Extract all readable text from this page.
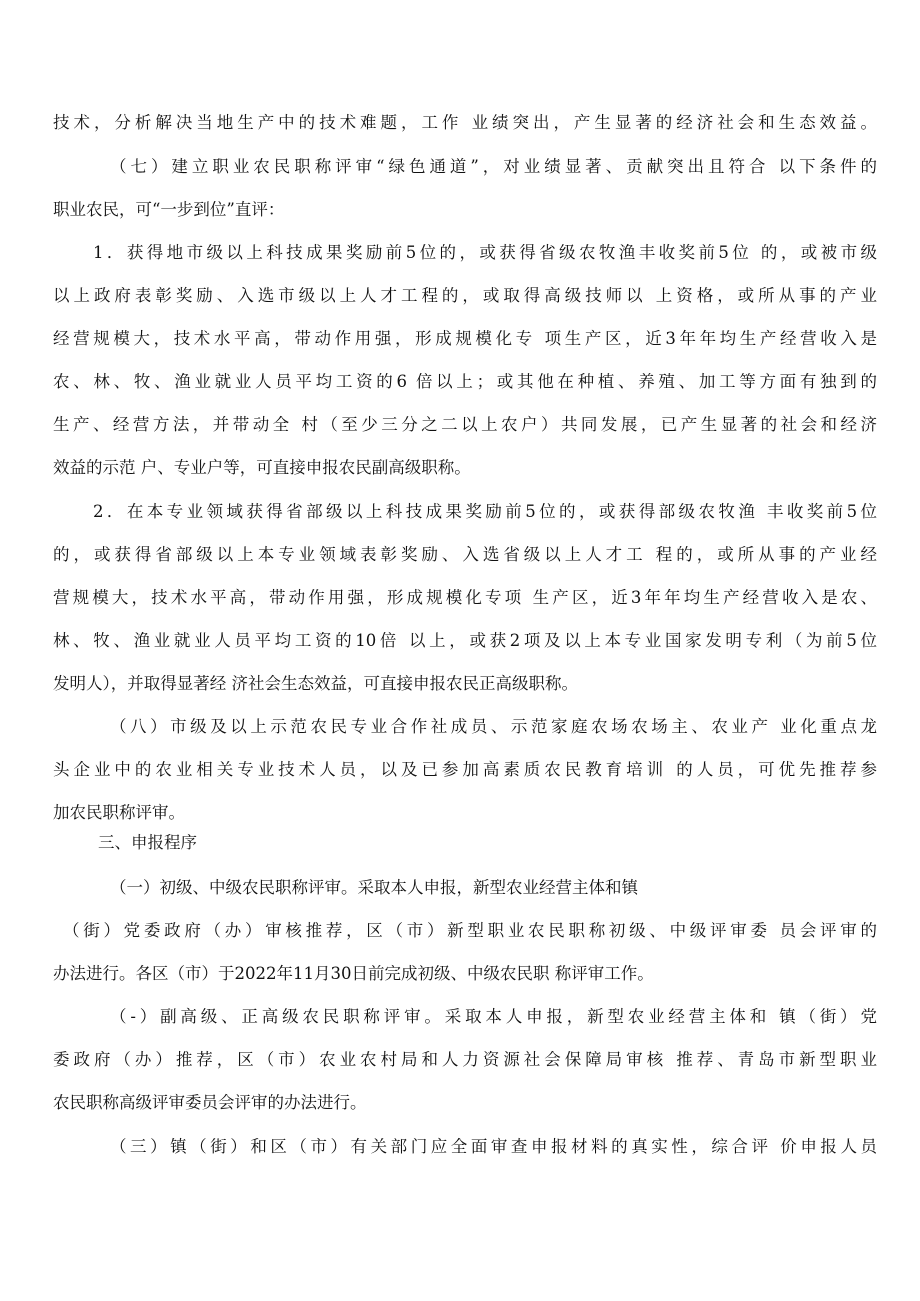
技术，分析解决当地生产中的技术难题，工作 业绩突出，产生显著的经济社会和生态效益。
（七）建立职业农民职称评审“绿色通道”，对业绩显著、贡献突出且符合 以下条件的
职业农民，可“一步到位”直评：
1．获得地市级以上科技成果奖励前5位的，或获得省级农牧渔丰收奖前5位 的，或被市级
以上政府表彰奖励、入选市级以上人才工程的，或取得高级技师以 上资格，或所从事的产业
经营规模大，技术水平高，带动作用强，形成规模化专 项生产区，近3年年均生产经营收入是
农、林、牧、渔业就业人员平均工资的6 倍以上；或其他在种植、养殖、加工等方面有独到的
生产、经营方法，并带动全 村（至少三分之二以上农户）共同发展，已产生显著的社会和经济
效益的示范 户、专业户等，可直接申报农民副高级职称。
2．在本专业领域获得省部级以上科技成果奖励前5位的，或获得部级农牧渔 丰收奖前5位
的，或获得省部级以上本专业领域表彰奖励、入选省级以上人才工 程的，或所从事的产业经
营规模大，技术水平高，带动作用强，形成规模化专项 生产区，近3年年均生产经营收入是农、
林、牧、渔业就业人员平均工资的10倍 以上，或获2项及以上本专业国家发明专利（为前5位
发明人），并取得显著经 济社会生态效益，可直接申报农民正高级职称。
（八）市级及以上示范农民专业合作社成员、示范家庭农场农场主、农业产 业化重点龙
头企业中的农业相关专业技术人员，以及已参加高素质农民教育培训 的人员，可优先推荐参
加农民职称评审。
三、申报程序
（一）初级、中级农民职称评审。采取本人申报，新型农业经营主体和镇
（街）党委政府（办）审核推荐，区（市）新型职业农民职称初级、中级评审委 员会评审的
办法进行。各区（市）于2022年11月30日前完成初级、中级农民职 称评审工作。
（-）副高级、正高级农民职称评审。采取本人申报，新型农业经营主体和 镇（街）党
委政府（办）推荐，区（市）农业农村局和人力资源社会保障局审核 推荐、青岛市新型职业
农民职称高级评审委员会评审的办法进行。
（三）镇（街）和区（市）有关部门应全面审查申报材料的真实性，综合评 价申报人员
